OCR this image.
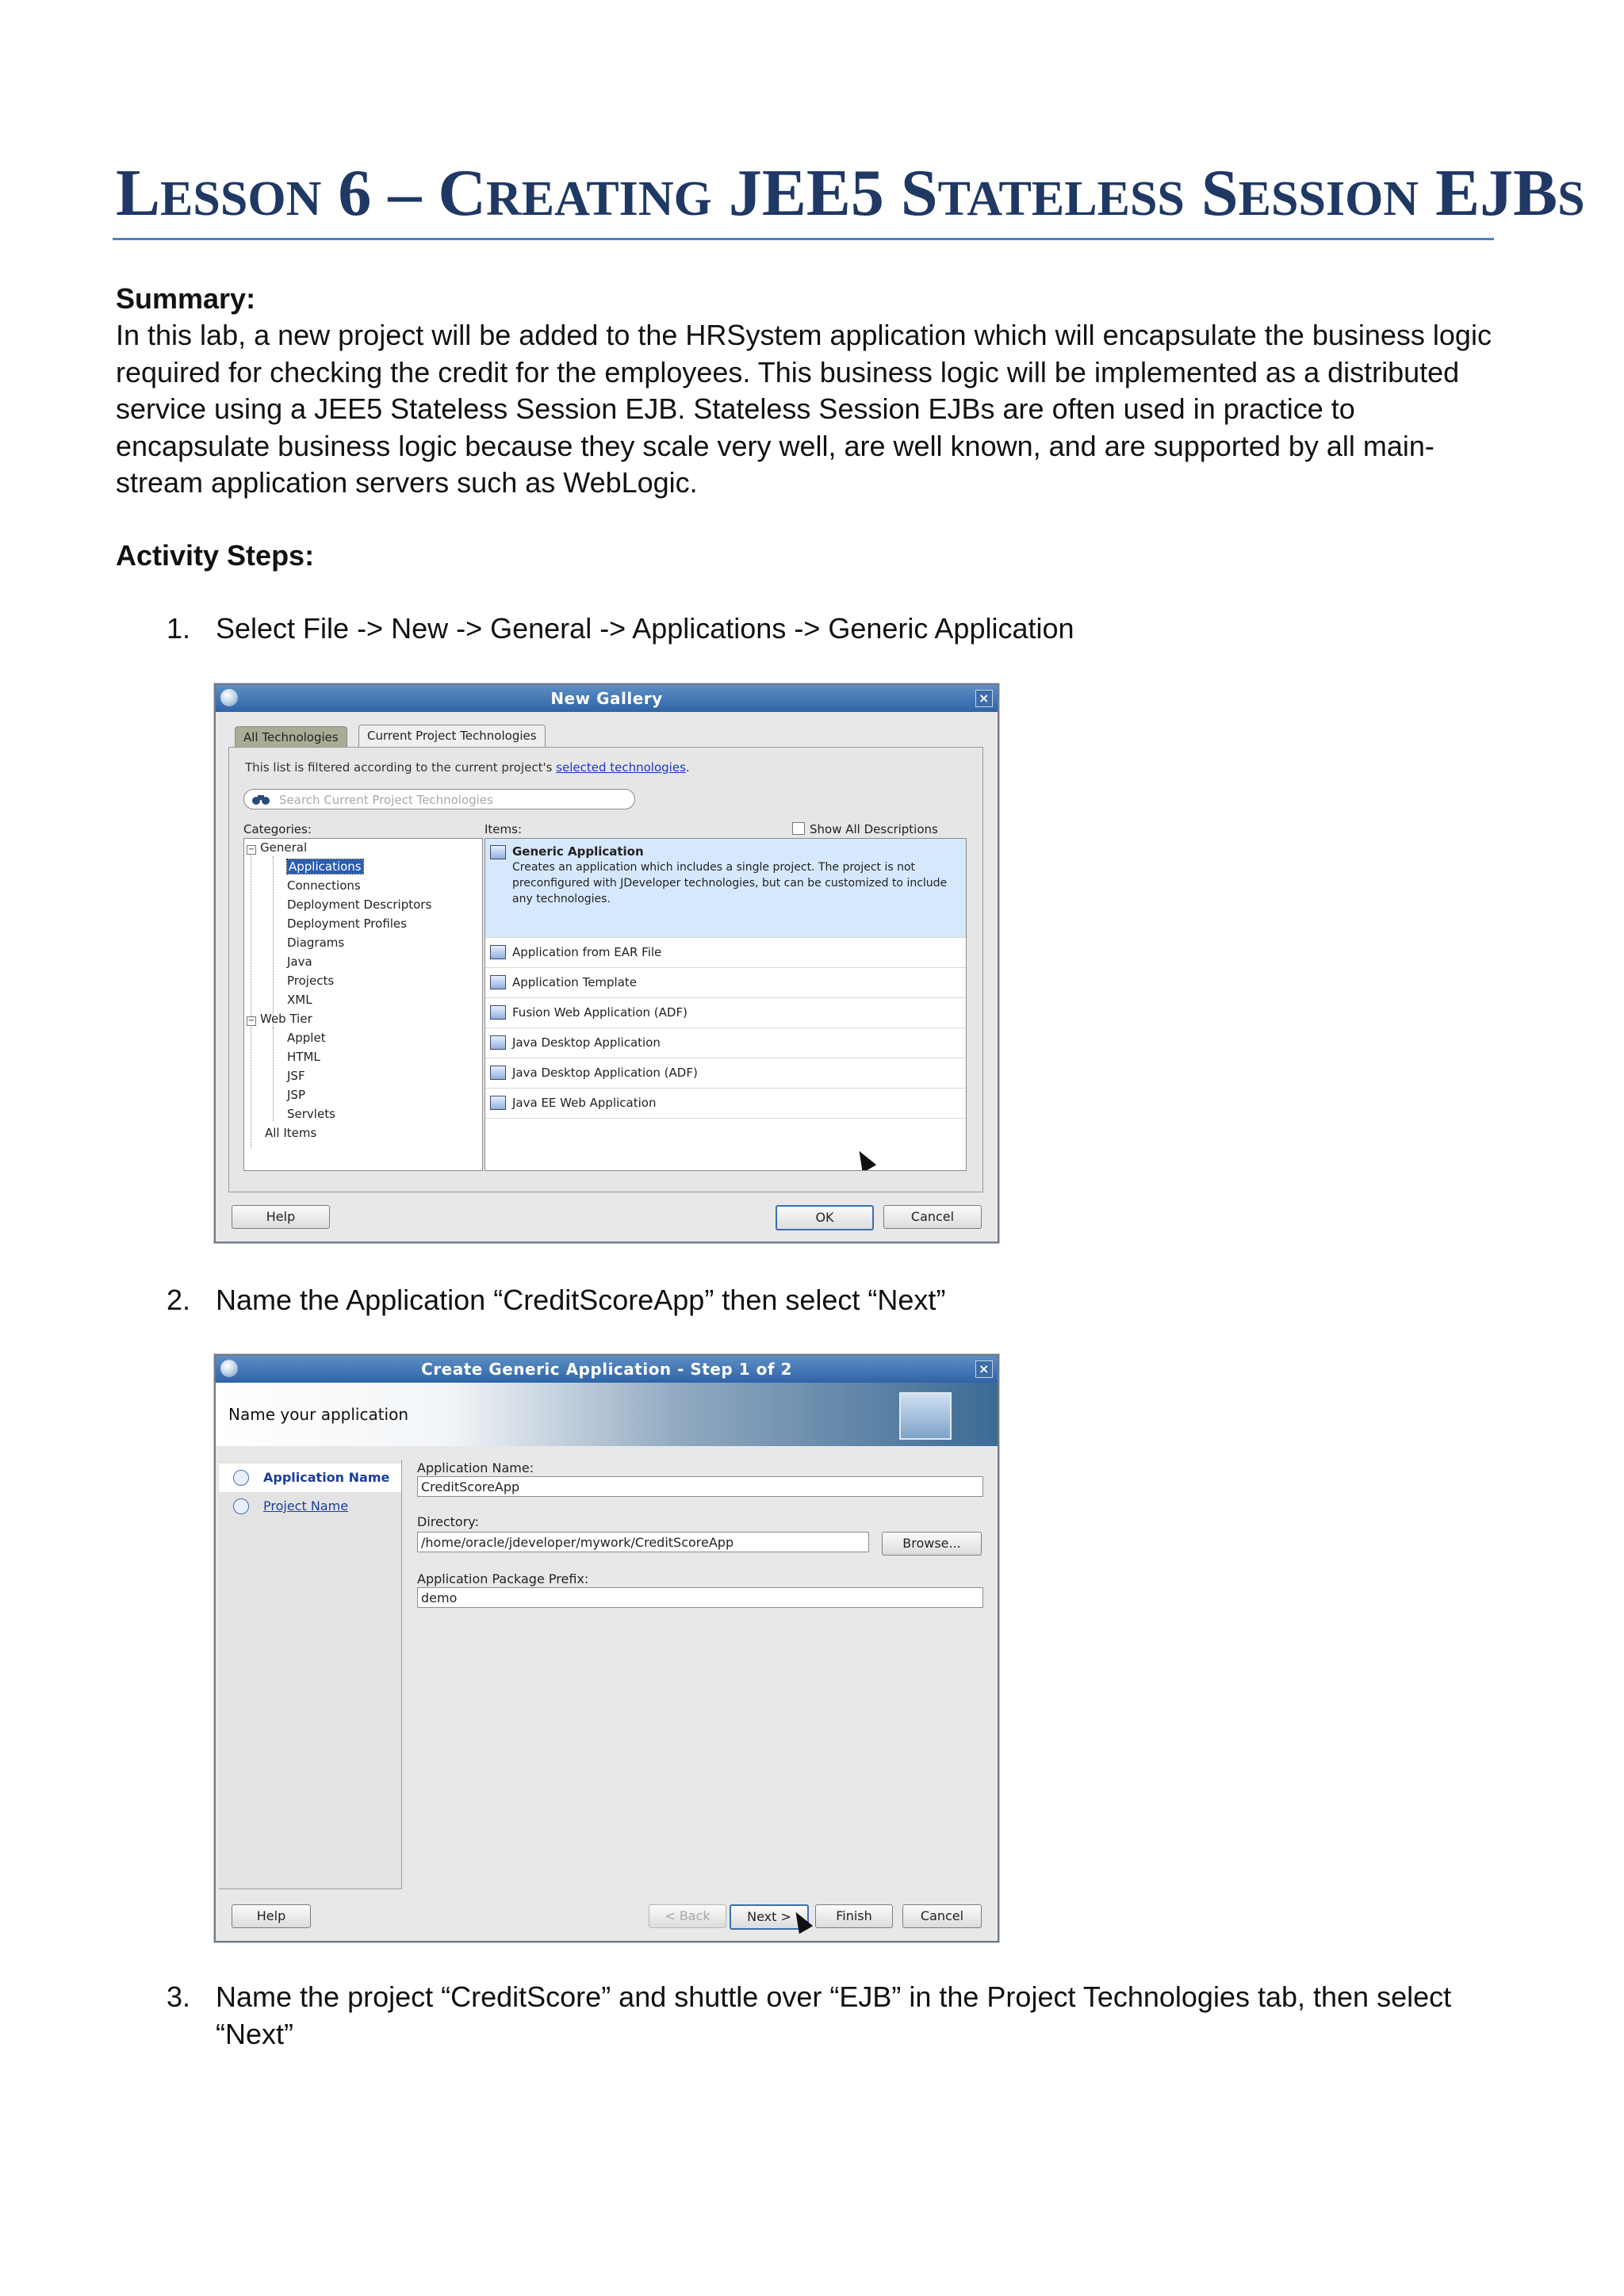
LESSON 6 – CREATING JEE5 STATELESS SESSION EJBS
Summary:
In this lab, a new project will be added to the HRSystem application which will encapsulate the business logic required for checking the credit for the employees. This business logic will be implemented as a distributed service using a JEE5 Stateless Session EJB. Stateless Session EJBs are often used in practice to encapsulate business logic because they scale very well, are well known, and are supported by all main-stream application servers such as WebLogic.
Activity Steps:
1. Select File -> New -> General -> Applications -> Generic Application
New Gallery	×
All Technologies	Current Project Technologies
This list is filtered according to the current project's selected technologies.
Search Current Project Technologies
Categories:	Items:	Show All Descriptions
− General
Applications
Connections
Deployment Descriptors
Deployment Profiles
Diagrams
Java
Projects
XML
− Web Tier
Applet
HTML
JSF
JSP
Servlets
All Items
Generic Application
Creates an application which includes a single project. The project is not preconfigured with JDeveloper technologies, but can be customized to include any technologies.
Application from EAR File
Application Template
Fusion Web Application (ADF)
Java Desktop Application
Java Desktop Application (ADF)
Java EE Web Application
Help	OK	Cancel
2. Name the Application “CreditScoreApp” then select “Next”
Create Generic Application - Step 1 of 2	×
Name your application
Application Name
Project Name
Application Name:
CreditScoreApp
Directory:
/home/oracle/jdeveloper/mywork/CreditScoreApp	Browse...
Application Package Prefix:
demo
Help	< Back	Next >	Finish	Cancel
3. Name the project “CreditScore” and shuttle over “EJB” in the Project Technologies tab, then select “Next”
